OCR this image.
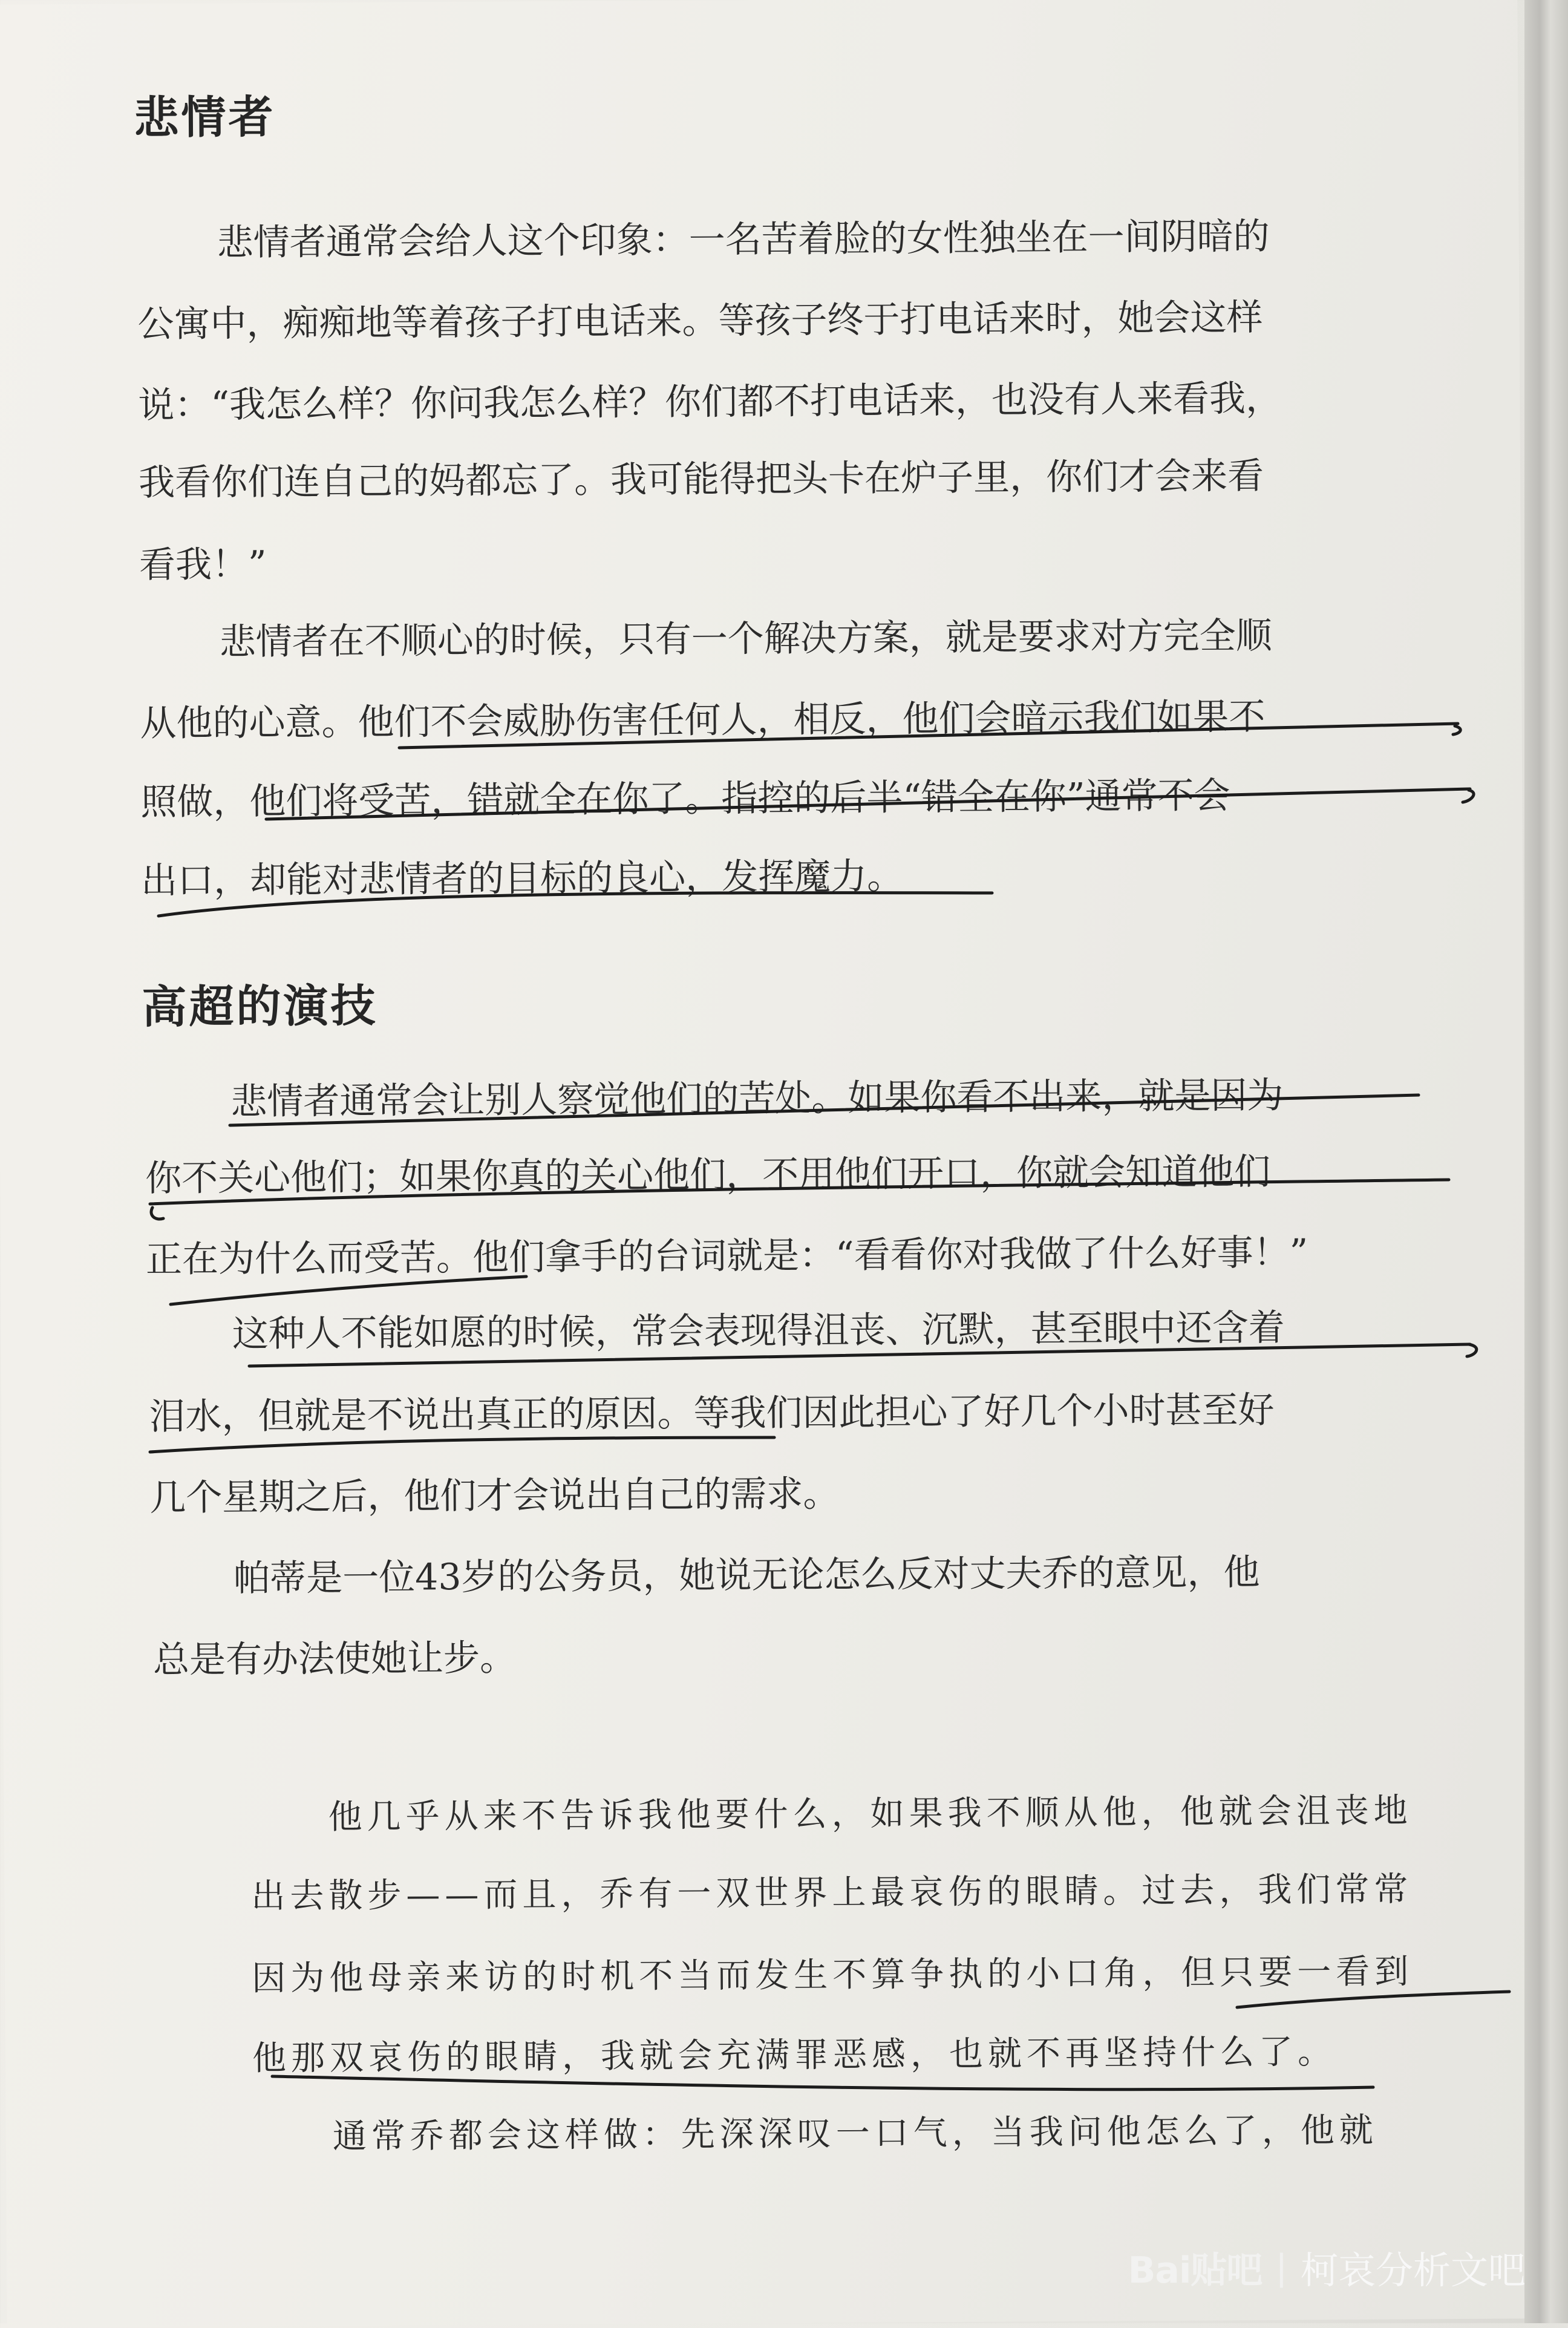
悲情者
悲情者通常会给人这个印象：一名苦着脸的女性独坐在一间阴暗的
公寓中，痴痴地等着孩子打电话来。等孩子终于打电话来时，她会这样
说：“我怎么样？你问我怎么样？你们都不打电话来，也没有人来看我，
我看你们连自己的妈都忘了。我可能得把头卡在炉子里，你们才会来看
看我！”
悲情者在不顺心的时候，只有一个解决方案，就是要求对方完全顺
从他的心意。他们不会威胁伤害任何人，相反，他们会暗示我们如果不
照做，他们将受苦，错就全在你了。指控的后半“错全在你”通常不会
出口，却能对悲情者的目标的良心，发挥魔力。
高超的演技
悲情者通常会让别人察觉他们的苦处。如果你看不出来，就是因为
你不关心他们；如果你真的关心他们，不用他们开口，你就会知道他们
正在为什么而受苦。他们拿手的台词就是：“看看你对我做了什么好事！”
这种人不能如愿的时候，常会表现得沮丧、沉默，甚至眼中还含着
泪水，但就是不说出真正的原因。等我们因此担心了好几个小时甚至好
几个星期之后，他们才会说出自己的需求。
帕蒂是一位43岁的公务员，她说无论怎么反对丈夫乔的意见，他
总是有办法使她让步。
他几乎从来不告诉我他要什么，如果我不顺从他，他就会沮丧地
出去散步——而且，乔有一双世界上最哀伤的眼睛。过去，我们常常
因为他母亲来访的时机不当而发生不算争执的小口角，但只要一看到
他那双哀伤的眼睛，我就会充满罪恶感，也就不再坚持什么了。
通常乔都会这样做：先深深叹一口气，当我问他怎么了，他就
Bai贴吧 | 柯哀分析文吧
